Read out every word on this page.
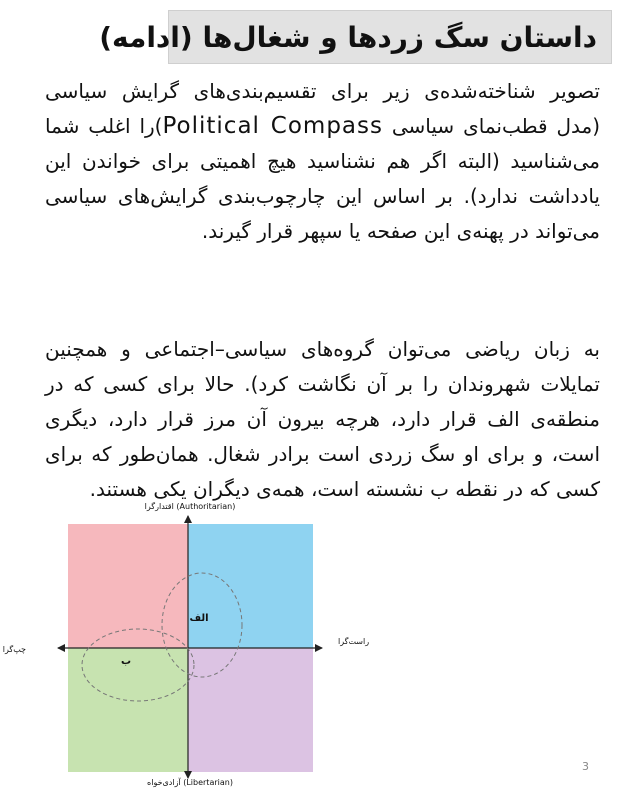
داستان سگ زردها و شغال‌ها (ادامه)

تصویر شناخته‌شده‌ی زیر برای تقسیم‌بندی‌های گرایش سیاسی (مدل قطب‌نمای سیاسی Political Compass)را اغلب شما می‌شناسید (البته اگر هم نشناسید هیچ اهمیتی برای خواندن این یادداشت ندارد). بر اساس این چارچوب‌بندی گرایش‌های سیاسی می‌تواند در پهنه‌ی این صفحه یا سپهر قرار گیرند.

به زبان ریاضی می‌توان گروه‌های سیاسی–اجتماعی و همچنین تمایلات شهروندان را بر آن نگاشت کرد). حالا برای کسی که در منطقه‌ی الف قرار دارد، هرچه بیرون آن مرز قرار دارد، دیگری است، و برای او سگ زردی است برادر شغال. همان‌طور که برای کسی که در نقطه ب نشسته است، همه‌ی دیگران یکی هستند.

اقتدارگرا (Authoritarian)
آزادی‌خواه (Libertarian)
چپ‌گرا
راست‌گرا
الف
ب
3
